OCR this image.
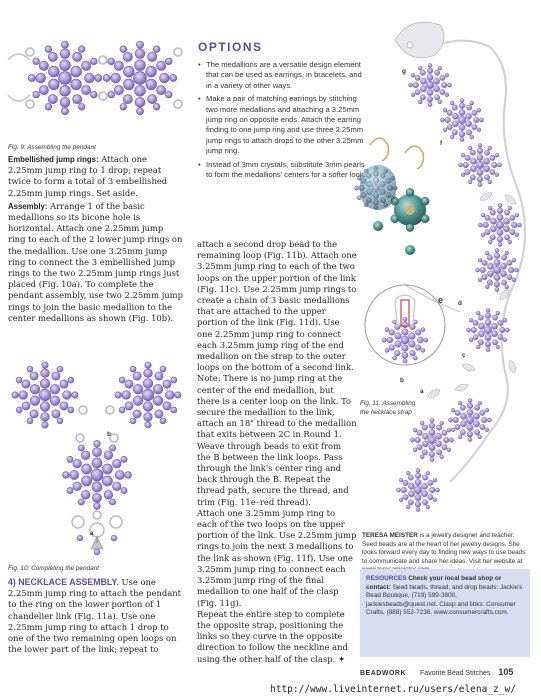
Fig. 9: Assembling the pendant

Embellished jump rings: Attach one 2.25mm jump ring to 1 drop; repeat twice to form a total of 3 embellished 2.25mm jump rings. Set aside.

Assembly: Arrange 1 of the basic medallions so its bicone hole is horizontal. Attach one 2.25mm jump ring to each of the 2 lower jump rings on the medallion. Use one 3.25mm jump ring to connect the 3 embellished jump rings to the two 2.25mm jump rings just placed (Fig. 10a). To complete the pendant assembly, use two 2.25mm jump rings to join the basic medallion to the center medallions as shown (Fig. 10b).

b
a
Fig. 10: Completing the pendant

4) NECKLACE ASSEMBLY. Use one 2.25mm jump ring to attach the pendant to the ring on the lower portion of 1 chandelier link (Fig. 11a). Use one 2.25mm jump ring to attach 1 drop to one of the two remaining open loops on the lower part of the link; repeat to

OPTIONS
• The medallions are a versatile design element that can be used as earrings, in bracelets, and in a variety of other ways.
• Make a pair of matching earrings by stitching two more medallions and attaching a 3.25mm jump ring on opposite ends. Attach the earring finding to one jump ring and use three 2.25mm jump rings to attach drops to the other 3.25mm jump ring.
• Instead of 3mm crystals, substitute 3mm pearls to form the medallions' centers for a softer look.

attach a second drop bead to the remaining loop (Fig. 11b). Attach one 3.25mm jump ring to each of the two loops on the upper portion of the link (Fig. 11c). Use 2.25mm jump rings to create a chain of 3 basic medallions that are attached to the upper portion of the link (Fig. 11d). Use one 2.25mm jump ring to connect each 3.25mm jump ring of the end medallion on the strap to the outer loops on the bottom of a second link.

Note: There is no jump ring at the center of the end medallion, but there is a center loop on the link. To secure the medallion to the link, attach an 18" thread to the medallion that exits between 2C in Round 1. Weave through beads to exit from the B between the link loops. Pass through the link's center ring and back through the B. Repeat the thread path, secure the thread, and trim (Fig. 11e–red thread).

Attach one 3.25mm jump ring to each of the two loops on the upper portion of the link. Use 2.25mm jump rings to join the next 3 medallions to the link as shown (Fig. 11f). Use one 3.25mm jump ring to connect each 3.25mm jump ring of the final medallion to one half of the clasp (Fig. 11g).

Repeat the entire step to complete the opposite strap, positioning the links so they curve in the opposite direction to follow the neckline and using the other half of the clasp. ✦

Fig. 11: Assembling the necklace strap
g
f
e d
c
b
a
TERESA MEISTER is a jewelry designer and teacher. Seed beads are at the heart of her jewelry designs. She looks forward every day to finding new ways to use beads to communicate and share her ideas. Visit her website at
RESOURCES Check your local bead shop or contact: Seed beads, thread, and drop beads: Jackie's Bead Boutique, (719) 599-3800, jackiesbeads@quest.net. Clasp and links: Consumer Crafts, (888) 552-7238, www.consumercrafts.com.
BEADWORK Favorite Bead Stitches 105
http://www.liveinternet.ru/users/elena_z_w/
